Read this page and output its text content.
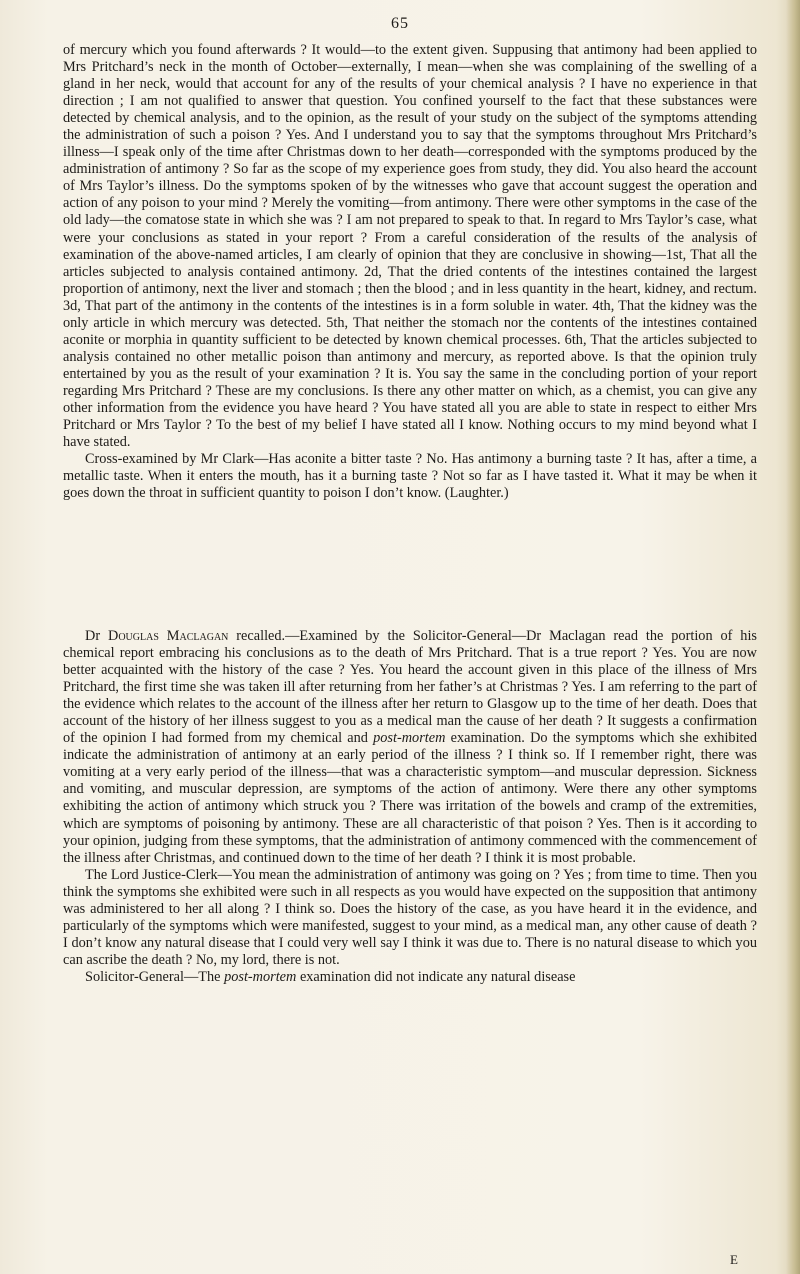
65

of mercury which you found afterwards ? It would—to the extent given. Suppusing that antimony had been applied to Mrs Pritchard’s neck in the month of October—externally, I mean—when she was complaining of the swelling of a gland in her neck, would that account for any of the results of your chemical analysis ? I have no experience in that direction ; I am not qualified to answer that question. You confined yourself to the fact that these substances were detected by chemical analysis, and to the opinion, as the result of your study on the subject of the symptoms attending the administration of such a poison ? Yes. And I understand you to say that the symptoms throughout Mrs Pritchard’s illness—I speak only of the time after Christmas down to her death—corresponded with the symptoms produced by the administration of antimony ? So far as the scope of my experience goes from study, they did. You also heard the account of Mrs Taylor’s illness. Do the symptoms spoken of by the witnesses who gave that account suggest the operation and action of any poison to your mind ? Merely the vomiting—from antimony. There were other symptoms in the case of the old lady—the comatose state in which she was ? I am not prepared to speak to that. In regard to Mrs Taylor’s case, what were your conclusions as stated in your report ? From a careful consideration of the results of the analysis of examination of the above-named articles, I am clearly of opinion that they are conclusive in showing—1st, That all the articles subjected to analysis contained antimony. 2d, That the dried contents of the intestines contained the largest proportion of antimony, next the liver and stomach ; then the blood ; and in less quantity in the heart, kidney, and rectum. 3d, That part of the antimony in the contents of the intestines is in a form soluble in water. 4th, That the kidney was the only article in which mercury was detected. 5th, That neither the stomach nor the contents of the intestines contained aconite or morphia in quantity sufficient to be detected by known chemical processes. 6th, That the articles subjected to analysis contained no other metallic poison than antimony and mercury, as reported above. Is that the opinion truly entertained by you as the result of your examination ? It is. You say the same in the concluding portion of your report regarding Mrs Pritchard ? These are my conclusions. Is there any other matter on which, as a chemist, you can give any other information from the evidence you have heard ? You have stated all you are able to state in respect to either Mrs Pritchard or Mrs Taylor ? To the best of my belief I have stated all I know. Nothing occurs to my mind beyond what I have stated.

Cross-examined by Mr Clark—Has aconite a bitter taste ? No. Has antimony a burning taste ? It has, after a time, a metallic taste. When it enters the mouth, has it a burning taste ? Not so far as I have tasted it. What it may be when it goes down the throat in sufficient quantity to poison I don’t know. (Laughter.)

Dr Douglas Maclagan recalled.—Examined by the Solicitor-General—Dr Maclagan read the portion of his chemical report embracing his conclusions as to the death of Mrs Pritchard. That is a true report ? Yes. You are now better acquainted with the history of the case ? Yes. You heard the account given in this place of the illness of Mrs Pritchard, the first time she was taken ill after returning from her father’s at Christmas ? Yes. I am referring to the part of the evidence which relates to the account of the illness after her return to Glasgow up to the time of her death. Does that account of the history of her illness suggest to you as a medical man the cause of her death ? It suggests a confirmation of the opinion I had formed from my chemical and post-mortem examination. Do the symptoms which she exhibited indicate the administration of antimony at an early period of the illness ? I think so. If I remember right, there was vomiting at a very early period of the illness—that was a characteristic symptom—and muscular depression. Sickness and vomiting, and muscular depression, are symptoms of the action of antimony. Were there any other symptoms exhibiting the action of antimony which struck you ? There was irritation of the bowels and cramp of the extremities, which are symptoms of poisoning by antimony. These are all characteristic of that poison ? Yes. Then is it according to your opinion, judging from these symptoms, that the administration of antimony commenced with the commencement of the illness after Christmas, and continued down to the time of her death ? I think it is most probable.

The Lord Justice-Clerk—You mean the administration of antimony was going on ? Yes ; from time to time. Then you think the symptoms she exhibited were such in all respects as you would have expected on the supposition that antimony was administered to her all along ? I think so. Does the history of the case, as you have heard it in the evidence, and particularly of the symptoms which were manifested, suggest to your mind, as a medical man, any other cause of death ? I don’t know any natural disease that I could very well say I think it was due to. There is no natural disease to which you can ascribe the death ? No, my lord, there is not.

Solicitor-General—The post-mortem examination did not indicate any natural disease

E
